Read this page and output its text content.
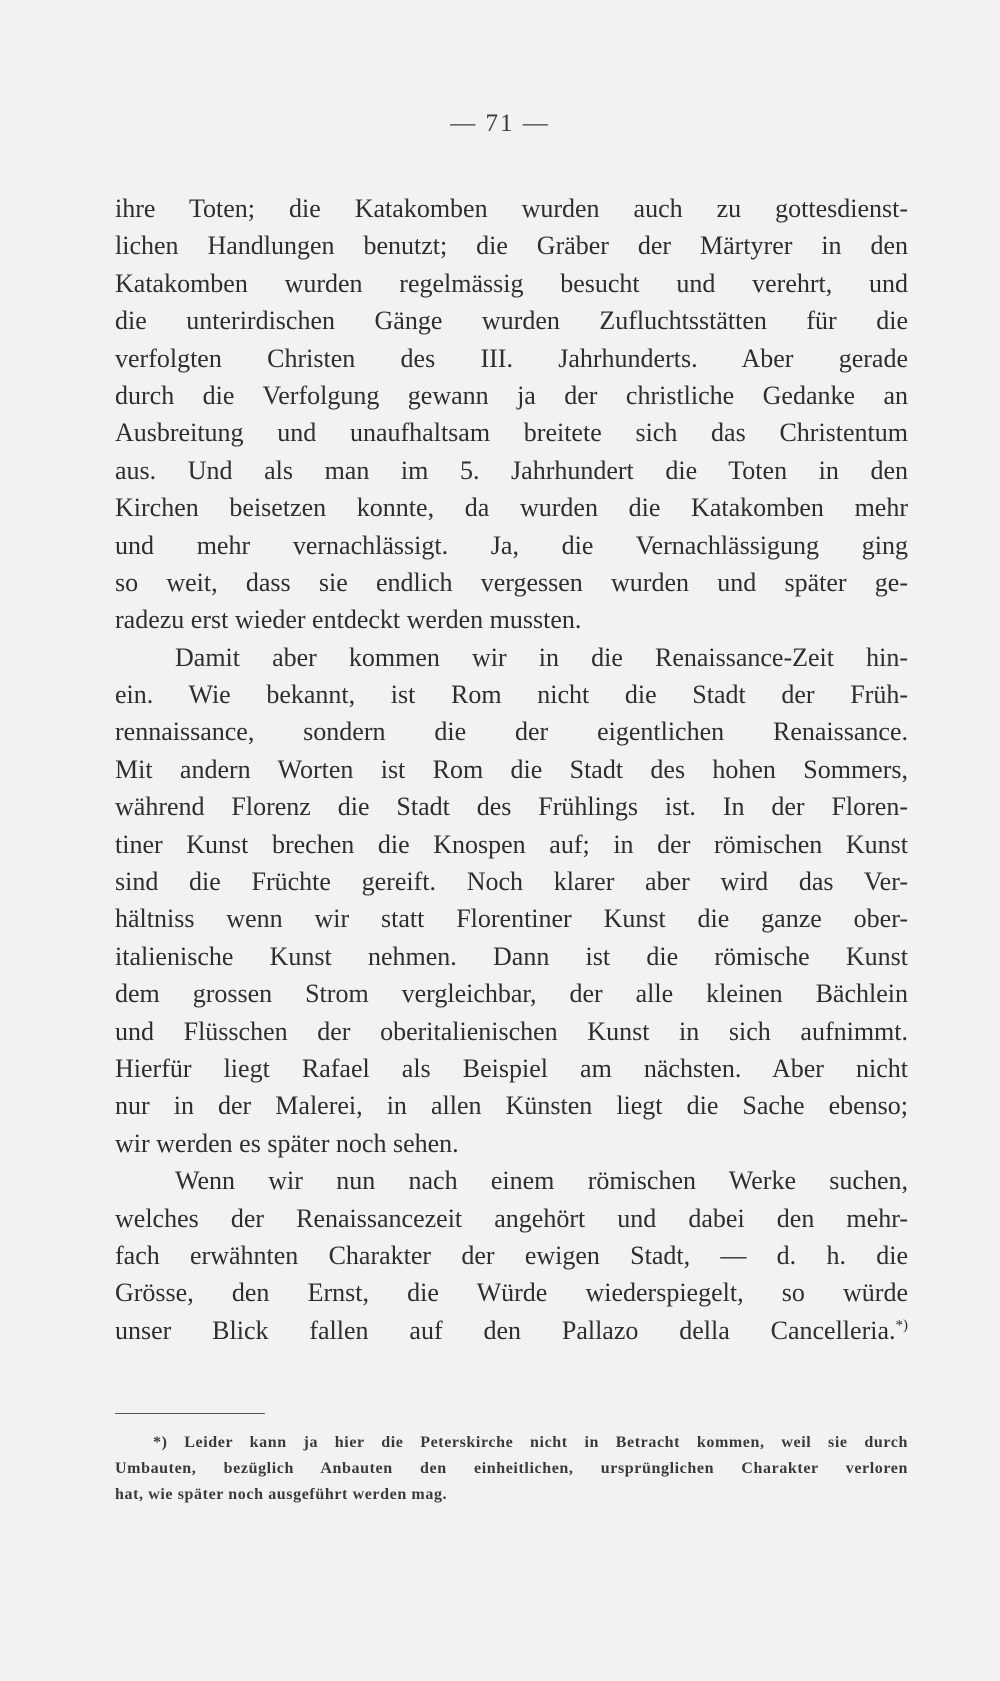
— 71 —
ihre Toten; die Katakomben wurden auch zu gottesdienst-
lichen Handlungen benutzt; die Gräber der Märtyrer in den
Katakomben wurden regelmässig besucht und verehrt, und
die unterirdischen Gänge wurden Zufluchtsstätten für die
verfolgten Christen des III. Jahrhunderts. Aber gerade
durch die Verfolgung gewann ja der christliche Gedanke an
Ausbreitung und unaufhaltsam breitete sich das Christentum
aus. Und als man im 5. Jahrhundert die Toten in den
Kirchen beisetzen konnte, da wurden die Katakomben mehr
und mehr vernachlässigt. Ja, die Vernachlässigung ging
so weit, dass sie endlich vergessen wurden und später ge-
radezu erst wieder entdeckt werden mussten.
Damit aber kommen wir in die Renaissance-Zeit hin-
ein. Wie bekannt, ist Rom nicht die Stadt der Früh-
rennaissance, sondern die der eigentlichen Renaissance.
Mit andern Worten ist Rom die Stadt des hohen Sommers,
während Florenz die Stadt des Frühlings ist. In der Floren-
tiner Kunst brechen die Knospen auf; in der römischen Kunst
sind die Früchte gereift. Noch klarer aber wird das Ver-
hältniss wenn wir statt Florentiner Kunst die ganze ober-
italienische Kunst nehmen. Dann ist die römische Kunst
dem grossen Strom vergleichbar, der alle kleinen Bächlein
und Flüsschen der oberitalienischen Kunst in sich aufnimmt.
Hierfür liegt Rafael als Beispiel am nächsten. Aber nicht
nur in der Malerei, in allen Künsten liegt die Sache ebenso;
wir werden es später noch sehen.
Wenn wir nun nach einem römischen Werke suchen,
welches der Renaissancezeit angehört und dabei den mehr-
fach erwähnten Charakter der ewigen Stadt, — d. h. die
Grösse, den Ernst, die Würde wiederspiegelt, so würde
unser Blick fallen auf den Pallazo della Cancelleria.*)
*) Leider kann ja hier die Peterskirche nicht in Betracht kommen, weil sie durch
Umbauten, bezüglich Anbauten den einheitlichen, ursprünglichen Charakter verloren
hat, wie später noch ausgeführt werden mag.
